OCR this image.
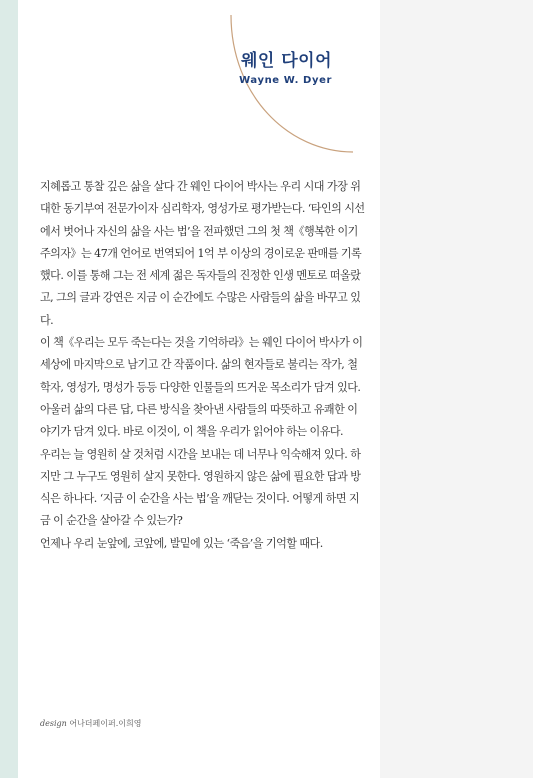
웨인 다이어
Wayne W. Dyer

지혜롭고 통찰 깊은 삶을 살다 간 웨인 다이어 박사는 우리 시대 가장 위대한 동기부여 전문가이자 심리학자, 영성가로 평가받는다. ‘타인의 시선에서 벗어나 자신의 삶을 사는 법’을 전파했던 그의 첫 책《행복한 이기주의자》는 47개 언어로 번역되어 1억 부 이상의 경이로운 판매를 기록했다. 이를 통해 그는 전 세계 젊은 독자들의 진정한 인생 멘토로 떠올랐고, 그의 글과 강연은 지금 이 순간에도 수많은 사람들의 삶을 바꾸고 있다.

이 책《우리는 모두 죽는다는 것을 기억하라》는 웨인 다이어 박사가 이 세상에 마지막으로 남기고 간 작품이다. 삶의 현자들로 불리는 작가, 철학자, 영성가, 명성가 등등 다양한 인물들의 뜨거운 목소리가 담겨 있다. 아울러 삶의 다른 답, 다른 방식을 찾아낸 사람들의 따뜻하고 유쾌한 이야기가 담겨 있다. 바로 이것이, 이 책을 우리가 읽어야 하는 이유다.

우리는 늘 영원히 살 것처럼 시간을 보내는 데 너무나 익숙해져 있다. 하지만 그 누구도 영원히 살지 못한다. 영원하지 않은 삶에 필요한 답과 방식은 하나다. ‘지금 이 순간을 사는 법’을 깨닫는 것이다. 어떻게 하면 지금 이 순간을 살아갈 수 있는가?

언제나 우리 눈앞에, 코앞에, 발밑에 있는 ‘죽음’을 기억할 때다.

design 어나더페이퍼.이희영
